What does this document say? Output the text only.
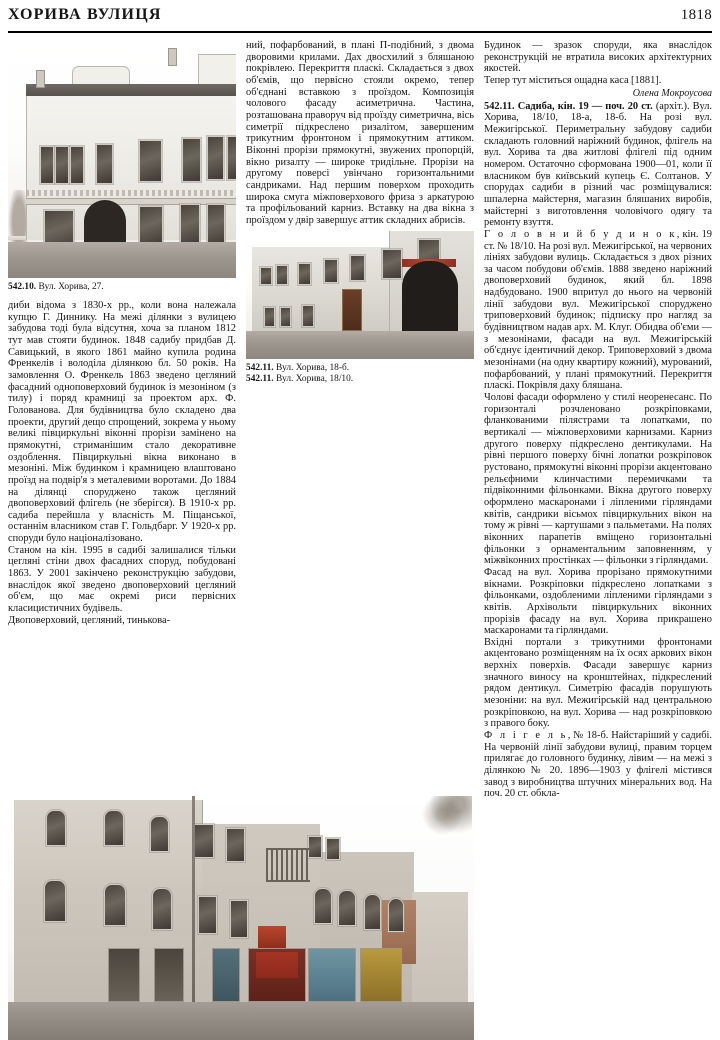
ХОРИВА ВУЛИЦЯ	1818

542.10. Вул. Хорива, 27.

диби відома з 1830-х рр., коли вона належала купцю Г. Диннику. На межі ділянки з вулицею забудова тоді була відсутня, хоча за планом 1812 тут мав стояти будинок. 1848 садибу придбав Д. Савицький, в якого 1861 майно купила родина Френкелів і володіла ділянкою бл. 50 років. На замовлення О. Френкель 1863 зведено цегляний фасадний одноповерховий будинок із мезоніном (з тилу) і поряд крамниці за проектом арх. Ф. Голованова. Для будівництва було складено два проекти, другий дещо спрощений, зокрема у ньому великі півциркульні віконні прорізи замінено на прямокутні, стриманішим стало декоративне оздоблення. Півциркульні вікна виконано в мезоніні. Між будинком і крамницею влаштовано проїзд на подвір'я з металевими воротами. До 1884 на ділянці споруджено також цегляний двоповерховий флігель (не зберігся). В 1910-х рр. садиба перейшла у власність М. Піщанської, останнім власником став Г. Гольдбарг. У 1920-х рр. споруди було націоналізовано.

Станом на кін. 1995 в садибі залишалися тільки цегляні стіни двох фасадних споруд, побудовані 1863. У 2001 закінчено реконструкцію забудови, внаслідок якої зведено двоповерховий цегляний об'єм, що має окремі риси первісних класицистичних будівель.

Двоповерховий, цегляний, тинькова-

ний, пофарбований, в плані П-подібний, з двома дворовими крилами. Дах двосхилий з бляшаною покрівлею. Перекриття пласкі. Складається з двох об'ємів, що первісно стояли окремо, тепер об'єднані вставкою з проїздом. Композиція чолового фасаду асиметрична. Частина, розташована праворуч від проїзду симетрична, вісь симетрії підкреслено ризалітом, завершеним трикутним фронтоном і прямокутним аттиком. Віконні прорізи прямокутні, звужених пропорцій, вікно ризалту — широке тридільне. Прорізи на другому поверсі увінчано горизонтальними сандриками. Над першим поверхом проходить широка смуга міжповерхового фриза з аркатурою та профільований карниз. Вставку на два вікна з проїздом у двір завершує аттик складних абрисів.

542.11. Вул. Хорива, 18-б.
542.11. Вул. Хорива, 18/10.

Будинок — зразок споруди, яка внаслідок реконструкцій не втратила високих архітектурних якостей.

Тепер тут міститься ощадна каса [1881].

Олена Мокроусова

542.11. Садиба, кін. 19 — поч. 20 ст. (архіт.). Вул. Хорива, 18/10, 18-а, 18-б. На розі вул. Межигірської. Периметральну забудову садиби складають головний наріжний будинок, флігель на вул. Хорива та два житлові флігелі під одним номером. Остаточно сформована 1900—01, коли її власником був київський купець Є. Солтанов. У спорудах садиби в різний час розміщувалися: шпалерна майстерня, магазин бляшаних виробів, майстерні з виготовлення чоловічого одягу та ремонту взуття.

Г о л о в н и й б у д и н о к, кін. 19 ст. № 18/10. На розі вул. Межигірської, на червоних лініях забудови вулиць. Складається з двох різних за часом побудови об'ємів. 1888 зведено наріжний двоповерховий будинок, який бл. 1898 надбудовано. 1900 впритул до нього на червоній лінії забудови вул. Межигірської споруджено триповерховий будинок; підписку про нагляд за будівництвом надав арх. М. Клуг. Обидва об'єми — з мезонінами, фасади на вул. Межигірській об'єднує ідентичний декор. Триповерховий з двома мезонінами (на одну квартиру кожний), мурований, пофарбований, у плані прямокутний. Перекриття пласкі. Покрівля даху бляшана.

Чолові фасади оформлено у стилі неоренесанс. По горизонталі розчленовано розкріповками, фланкованими пілястрами та лопатками, по вертикалі — міжповерховими карнизами. Карниз другого поверху підкреслено дентикулами. На рівні першого поверху бічні лопатки розкріповок рустовано, прямокутні віконні прорізи акцентовано рельєфними клинчастими перемичками та підвіконними фільонками. Вікна другого поверху оформлено маскаронами і ліпленими гірляндами квітів, сандрики вісьмох півциркульних вікон на тому ж рівні — картушами з пальметами. На полях віконних парапетів вміщено горизонтальні фільонки з орнаментальним заповненням, у міжвіконних простінках — фільонки з гірляндами.

Фасад на вул. Хорива прорізано прямокутними вікнами. Розкріповки підкреслено лопатками з фільонками, оздобленими ліпленими гірляндами з квітів. Архівольти півциркульних віконних прорізів фасаду на вул. Хорива прикрашено маскаронами та гірляндами.

Вхідні портали з трикутними фронтонами акцентовано розміщенням на їх осях аркових вікон верхніх поверхів. Фасади завершує карниз значного виносу на кронштейнах, підкреслений рядом дентикул. Симетрію фасадів порушують мезоніни: на вул. Межигірській над центральною розкріповкою, на вул. Хорива — над розкріповкою з правого боку.

Ф л і г е л ь, № 18-б. Найстаріший у садибі. На червоній лінії забудови вулиці, правим торцем прилягає до головного будинку, лівим — на межі з ділянкою № 20. 1896—1903 у флігелі містився завод з виробництва штучних мінеральних вод. На поч. 20 ст. обкла-
